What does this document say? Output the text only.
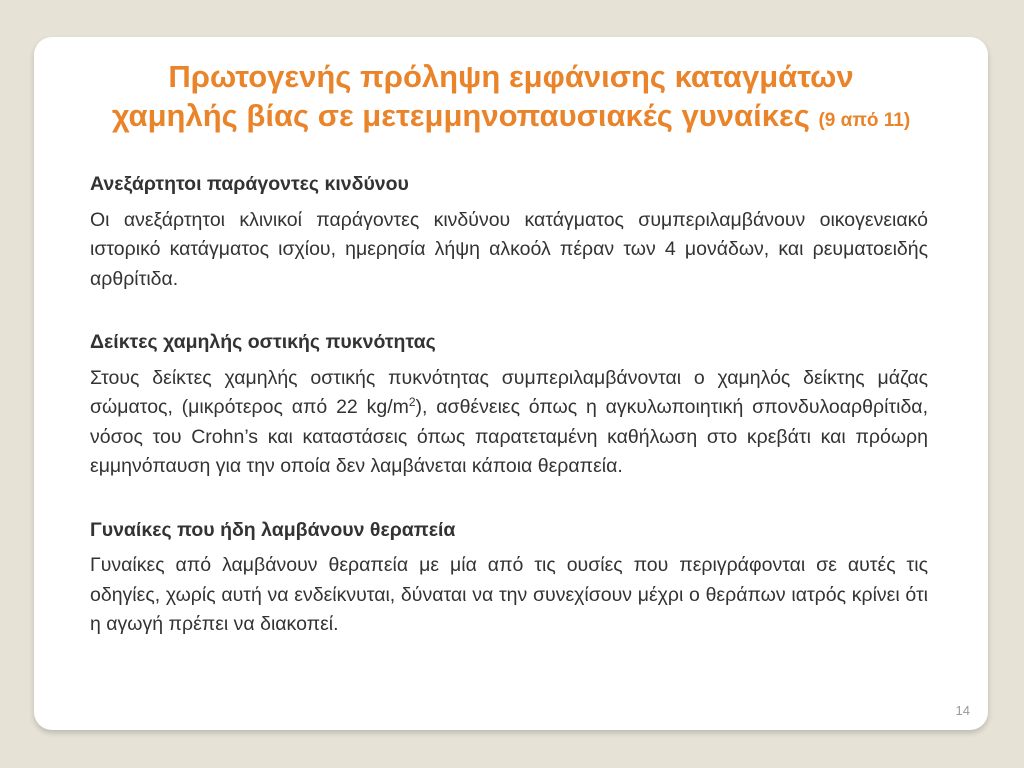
Πρωτογενής πρόληψη εμφάνισης καταγμάτων
χαμηλής βίας σε μετεμμηνοπαυσιακές γυναίκες (9 από 11)
Ανεξάρτητοι παράγοντες κινδύνου

Οι ανεξάρτητοι κλινικοί παράγοντες κινδύνου κατάγματος συμπεριλαμβάνουν οικογενειακό ιστορικό κατάγματος ισχίου, ημερησία λήψη αλκοόλ πέραν των 4 μονάδων, και ρευματοειδής αρθρίτιδα.

Δείκτες χαμηλής οστικής πυκνότητας

Στους δείκτες χαμηλής οστικής πυκνότητας συμπεριλαμβάνονται ο χαμηλός δείκτης μάζας σώματος, (μικρότερος από 22 $kg/m^2$), ασθένειες όπως η αγκυλωποιητική σπονδυλοαρθρίτιδα, νόσος του Crohn’s και καταστάσεις όπως παρατεταμένη καθήλωση στο κρεβάτι και πρόωρη εμμηνόπαυση για την οποία δεν λαμβάνεται κάποια θεραπεία.

Γυναίκες που ήδη λαμβάνουν θεραπεία

Γυναίκες από λαμβάνουν θεραπεία με μία από τις ουσίες που περιγράφονται σε αυτές τις οδηγίες, χωρίς αυτή να ενδείκνυται, δύναται να την συνεχίσουν μέχρι ο θεράπων ιατρός κρίνει ότι η αγωγή πρέπει να διακοπεί.

14
